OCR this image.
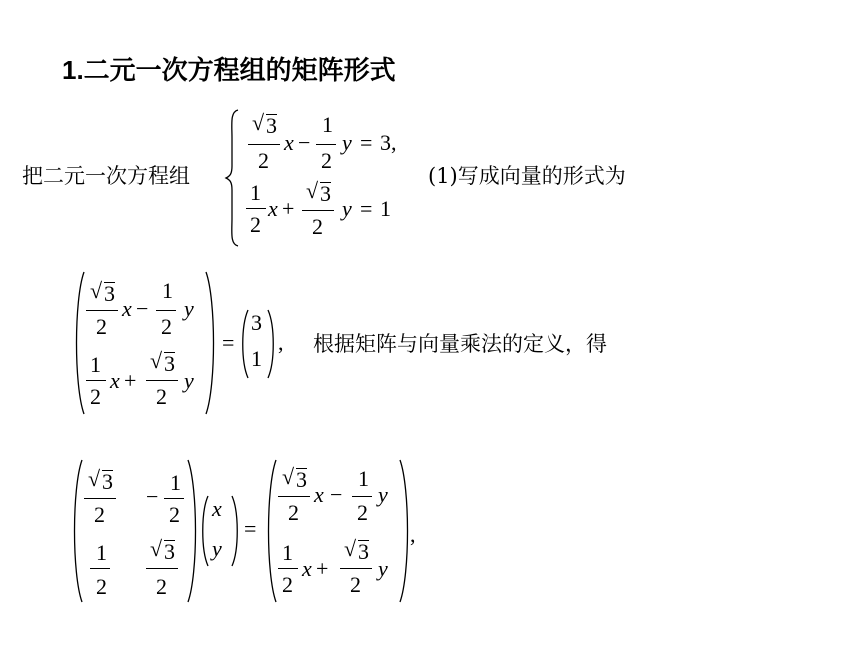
1.二元一次方程组的矩阵形式
把二元一次方程组
√ 3
2
x −
1
2
y = 3,
1
2
x +
√ 3
2
y = 1
(1)写成向量的形式为
√ 3
2
x −
1
2
y
1
2
x +
√ 3
2
y
=
3
1
, 根据矩阵与向量乘法的定义，得
√ 3
2
−
1
2
1
2
√ 3
2
x
y
=
√ 3
2
x −
1
2
y
1
2
x +
√ 3
2
y
,
